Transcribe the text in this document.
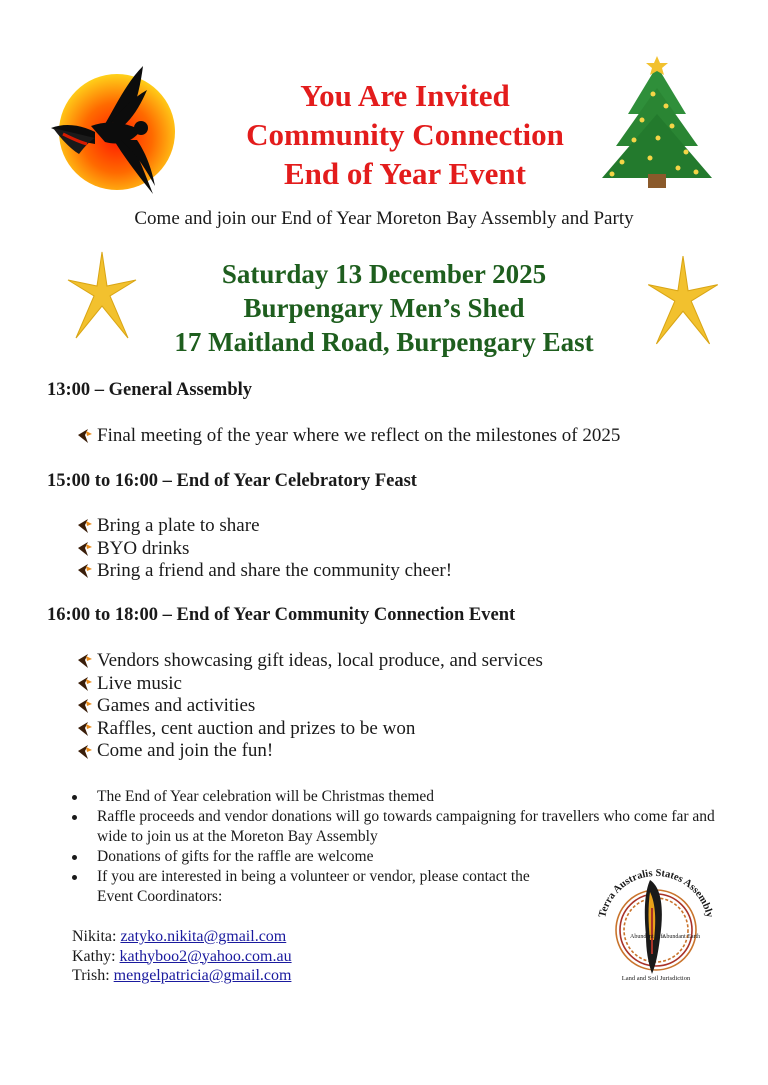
You Are Invited
Community Connection
End of Year Event
Come and join our End of Year Moreton Bay Assembly and Party
Saturday 13 December 2025
Burpengary Men’s Shed
17 Maitland Road, Burpengary East
13:00 – General Assembly
Final meeting of the year where we reflect on the milestones of 2025
15:00 to 16:00 – End of Year Celebratory Feast
Bring a plate to share
BYO drinks
Bring a friend and share the community cheer!
16:00 to 18:00 – End of Year Community Connection Event
Vendors showcasing gift ideas, local produce, and services
Live music
Games and activities
Raffles, cent auction and prizes to be won
Come and join the fun!
The End of Year celebration will be Christmas themed
Raffle proceeds and vendor donations will go towards campaigning for travellers who come far and wide to join us at the Moreton Bay Assembly
Donations of gifts for the raffle are welcome
If you are interested in being a volunteer or vendor, please contact the Event Coordinators:
Nikita: zatyko.nikita@gmail.com
Kathy: kathyboo2@yahoo.com.au
Trish: mengelpatricia@gmail.com
Terra Australis States Assembly
Abundant Life
Abundant Earth
Land and Soil Jurisdiction
